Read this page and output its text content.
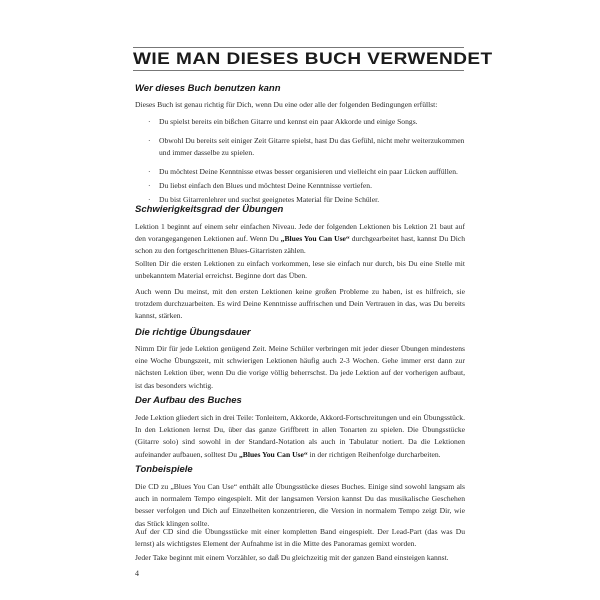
WIE MAN DIESES BUCH VERWENDET
Wer dieses Buch benutzen kann
Dieses Buch ist genau richtig für Dich, wenn Du eine oder alle der folgenden Bedingungen erfüllst:
· Du spielst bereits ein bißchen Gitarre und kennst ein paar Akkorde und einige Songs.
· Obwohl Du bereits seit einiger Zeit Gitarre spielst, hast Du das Gefühl, nicht mehr weiterzukommen und immer dasselbe zu spielen.
· Du möchtest Deine Kenntnisse etwas besser organisieren und vielleicht ein paar Lücken auffüllen.
· Du liebst einfach den Blues und möchtest Deine Kenntnisse vertiefen.
· Du bist Gitarrenlehrer und suchst geeignetes Material für Deine Schüler.
Schwierigkeitsgrad der Übungen
Lektion 1 beginnt auf einem sehr einfachen Niveau. Jede der folgenden Lektionen bis Lektion 21 baut auf den vorangegangenen Lektionen auf. Wenn Du „Blues You Can Use“ durchgearbeitet hast, kannst Du Dich schon zu den fortgeschrittenen Blues-Gitarristen zählen.
Sollten Dir die ersten Lektionen zu einfach vorkommen, lese sie einfach nur durch, bis Du eine Stelle mit unbekanntem Material erreichst. Beginne dort das Üben.
Auch wenn Du meinst, mit den ersten Lektionen keine großen Probleme zu haben, ist es hilfreich, sie trotzdem durchzuarbeiten. Es wird Deine Kenntnisse auffrischen und Dein Vertrauen in das, was Du bereits kannst, stärken.
Die richtige Übungsdauer
Nimm Dir für jede Lektion genügend Zeit. Meine Schüler verbringen mit jeder dieser Übungen mindestens eine Woche Übungszeit, mit schwierigen Lektionen häufig auch 2-3 Wochen. Gehe immer erst dann zur nächsten Lektion über, wenn Du die vorige völlig beherrschst. Da jede Lektion auf der vorherigen aufbaut, ist das besonders wichtig.
Der Aufbau des Buches
Jede Lektion gliedert sich in drei Teile: Tonleitern, Akkorde, Akkord-Fortschreitungen und ein Übungsstück. In den Lektionen lernst Du, über das ganze Griffbrett in allen Tonarten zu spielen. Die Übungsstücke (Gitarre solo) sind sowohl in der Standard-Notation als auch in Tabulatur notiert. Da die Lektionen aufeinander aufbauen, solltest Du „Blues You Can Use“ in der richtigen Reihenfolge durcharbeiten.
Tonbeispiele
Die CD zu „Blues You Can Use“ enthält alle Übungsstücke dieses Buches. Einige sind sowohl langsam als auch in normalem Tempo eingespielt. Mit der langsamen Version kannst Du das musikalische Geschehen besser verfolgen und Dich auf Einzelheiten konzentrieren, die Version in normalem Tempo zeigt Dir, wie das Stück klingen sollte.
Auf der CD sind die Übungsstücke mit einer kompletten Band eingespielt. Der Lead-Part (das was Du lernst) als wichtigstes Element der Aufnahme ist in die Mitte des Panoramas gemixt worden.
Jeder Take beginnt mit einem Vorzähler, so daß Du gleichzeitig mit der ganzen Band einsteigen kannst.
4
